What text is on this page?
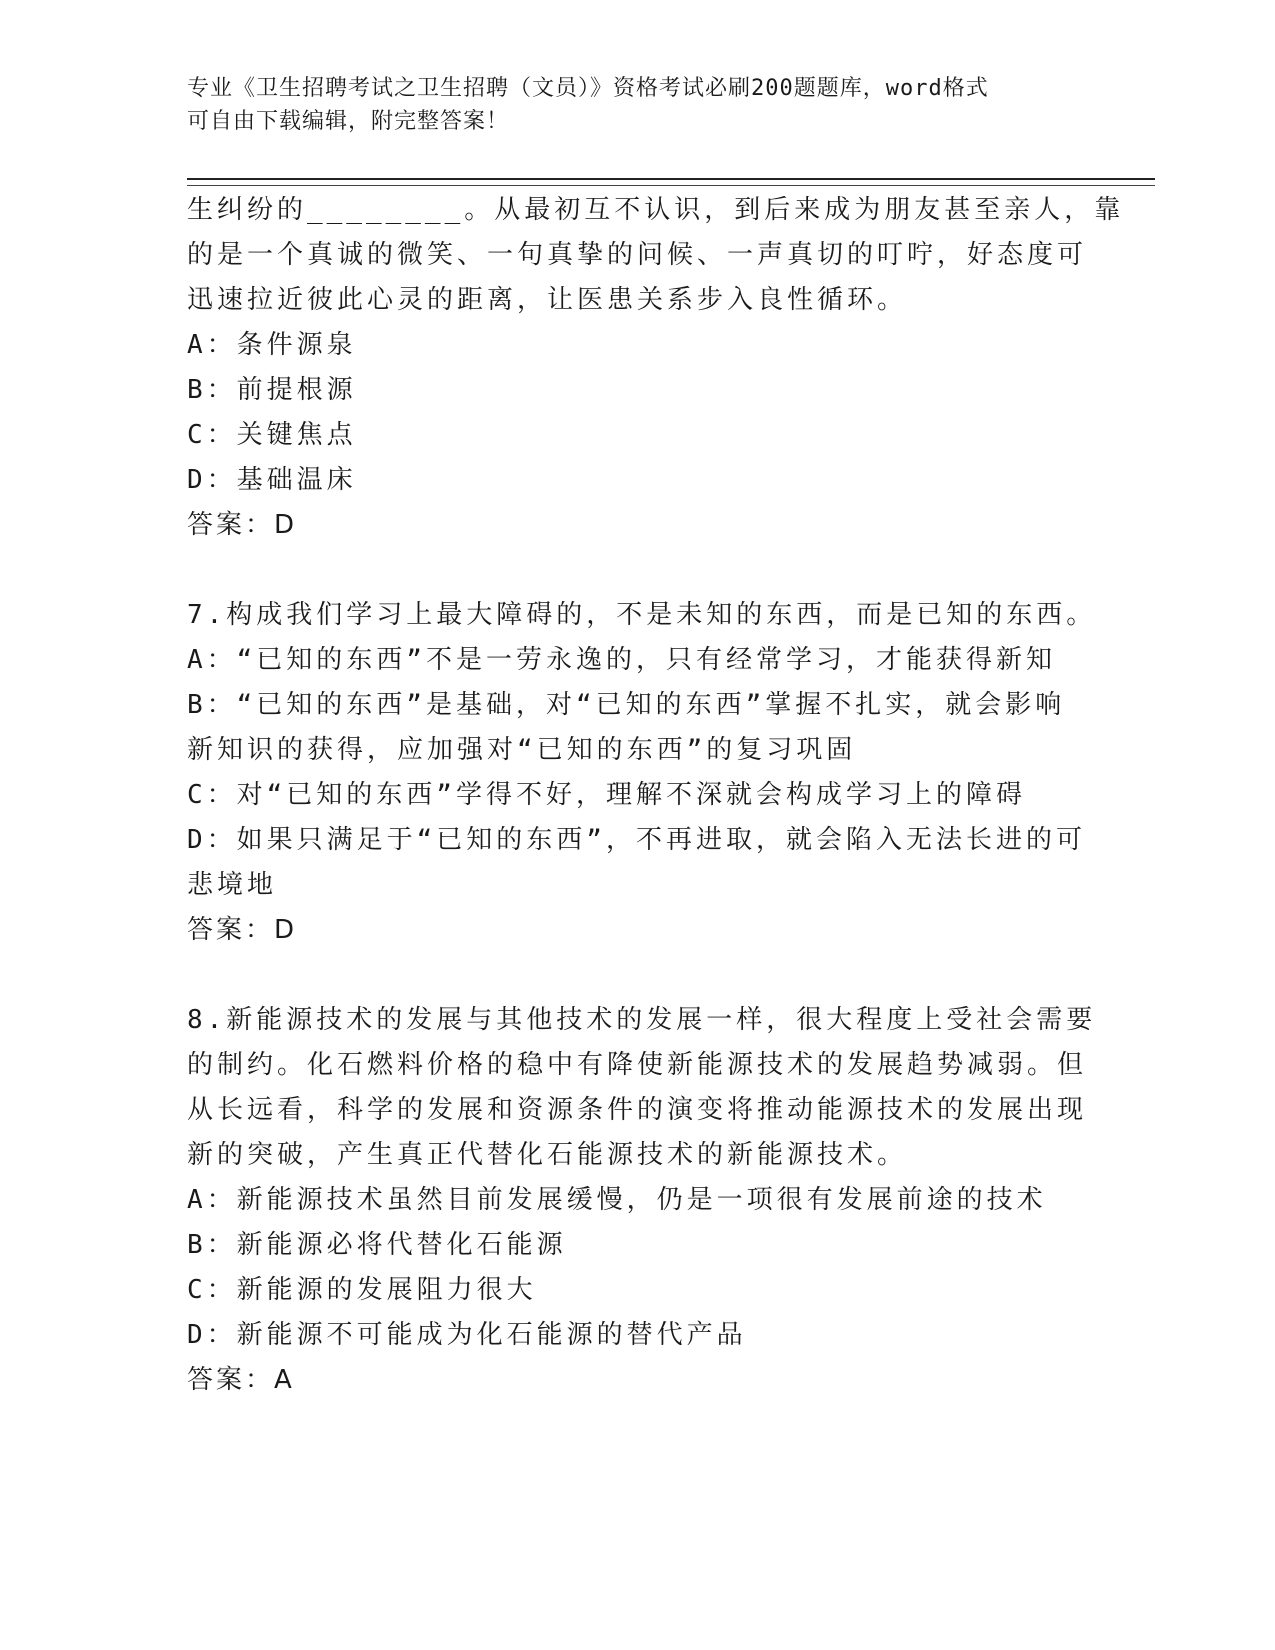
专业《卫生招聘考试之卫生招聘（文员）》资格考试必刷200题题库，word格式
可自由下载编辑，附完整答案！
生纠纷的________。从最初互不认识，到后来成为朋友甚至亲人，靠
的是一个真诚的微笑、一句真挚的问候、一声真切的叮咛，好态度可
迅速拉近彼此心灵的距离，让医患关系步入良性循环。
A：条件源泉
B：前提根源
C：关键焦点
D：基础温床
答案：D
7.构成我们学习上最大障碍的，不是未知的东西，而是已知的东西。
A：“已知的东西”不是一劳永逸的，只有经常学习，才能获得新知
B：“已知的东西”是基础，对“已知的东西”掌握不扎实，就会影响
新知识的获得，应加强对“已知的东西”的复习巩固
C：对“已知的东西”学得不好，理解不深就会构成学习上的障碍
D：如果只满足于“已知的东西”，不再进取，就会陷入无法长进的可
悲境地
答案：D
8.新能源技术的发展与其他技术的发展一样，很大程度上受社会需要
的制约。化石燃料价格的稳中有降使新能源技术的发展趋势减弱。但
从长远看，科学的发展和资源条件的演变将推动能源技术的发展出现
新的突破，产生真正代替化石能源技术的新能源技术。
A：新能源技术虽然目前发展缓慢，仍是一项很有发展前途的技术
B：新能源必将代替化石能源
C：新能源的发展阻力很大
D：新能源不可能成为化石能源的替代产品
答案：A
